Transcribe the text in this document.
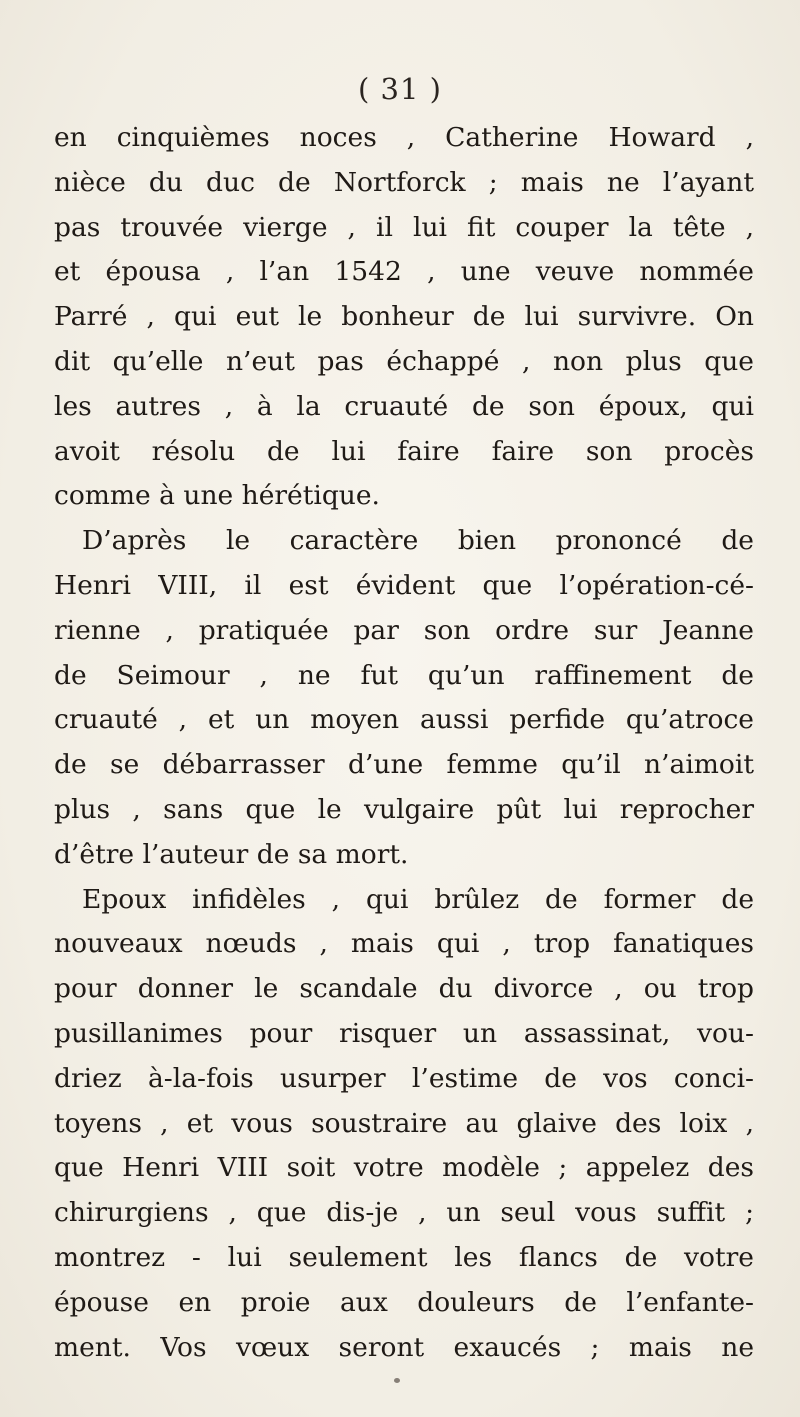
( 31 )
en cinquièmes noces , Catherine Howard ,
nièce du duc de Nortforck ; mais ne l’ayant
pas trouvée vierge , il lui fit couper la tête ,
et épousa , l’an 1542 , une veuve nommée
Parré , qui eut le bonheur de lui survivre. On
dit qu’elle n’eut pas échappé , non plus que
les autres , à la cruauté de son époux, qui
avoit résolu de lui faire faire son procès
comme à une hérétique.
D’après le caractère bien prononcé de
Henri VIII, il est évident que l’opération-cé-
rienne , pratiquée par son ordre sur Jeanne
de Seimour , ne fut qu’un raffinement de
cruauté , et un moyen aussi perfide qu’atroce
de se débarrasser d’une femme qu’il n’aimoit
plus , sans que le vulgaire pût lui reprocher
d’être l’auteur de sa mort.
Epoux infidèles , qui brûlez de former de
nouveaux nœuds , mais qui , trop fanatiques
pour donner le scandale du divorce , ou trop
pusillanimes pour risquer un assassinat, vou-
driez à-la-fois usurper l’estime de vos conci-
toyens , et vous soustraire au glaive des loix ,
que Henri VIII soit votre modèle ; appelez des
chirurgiens , que dis-je , un seul vous suffit ;
montrez - lui seulement les flancs de votre
épouse en proie aux douleurs de l’enfante-
ment. Vos vœux seront exaucés ; mais ne
